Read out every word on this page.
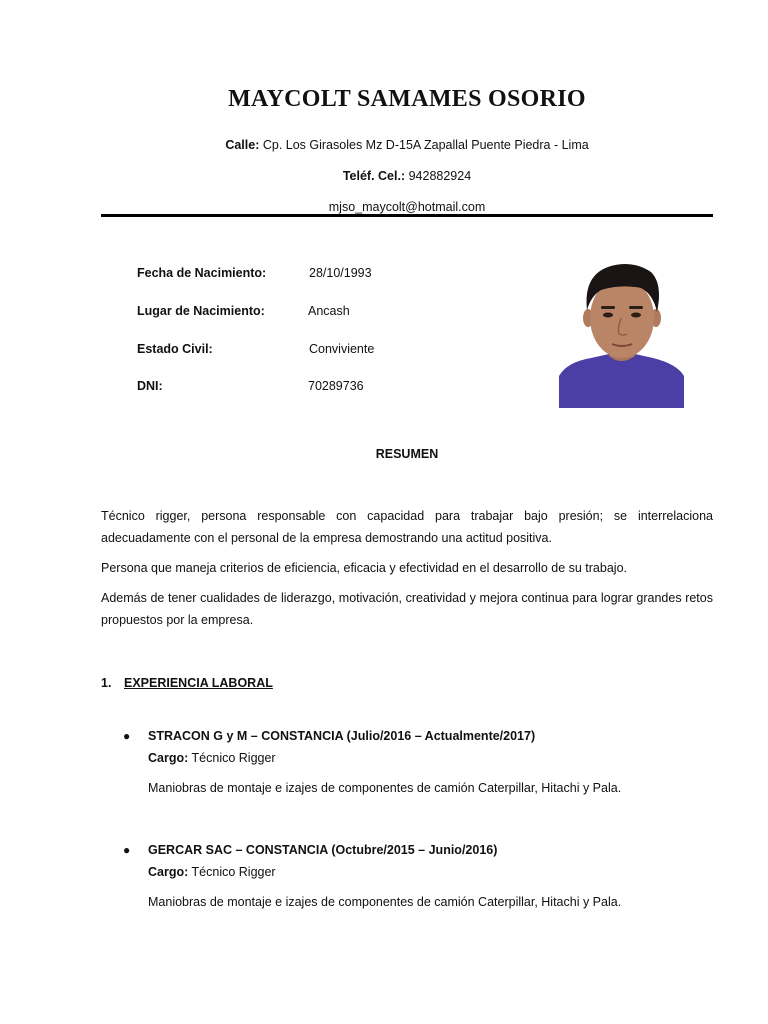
MAYCOLT SAMAMES OSORIO
Calle: Cp. Los Girasoles Mz D-15A Zapallal Puente Piedra - Lima
Teléf. Cel.: 942882924
mjso_maycolt@hotmail.com
Fecha de Nacimiento:	28/10/1993
Lugar de Nacimiento:	Ancash
Estado Civil:	Conviviente
DNI:	70289736
RESUMEN
Técnico rigger, persona responsable con capacidad para trabajar bajo presión; se interrelaciona adecuadamente con el personal de la empresa demostrando una actitud positiva.
Persona que maneja criterios de eficiencia, eficacia y efectividad en el desarrollo de su trabajo.
Además de tener cualidades de liderazgo, motivación, creatividad y mejora continua para lograr grandes retos propuestos por la empresa.
1. EXPERIENCIA LABORAL
● STRACON G y M – CONSTANCIA (Julio/2016 – Actualmente/2017)
Cargo: Técnico Rigger
Maniobras de montaje e izajes de componentes de camión Caterpillar, Hitachi y Pala.
● GERCAR SAC – CONSTANCIA (Octubre/2015 – Junio/2016)
Cargo: Técnico Rigger
Maniobras de montaje e izajes de componentes de camión Caterpillar, Hitachi y Pala.
